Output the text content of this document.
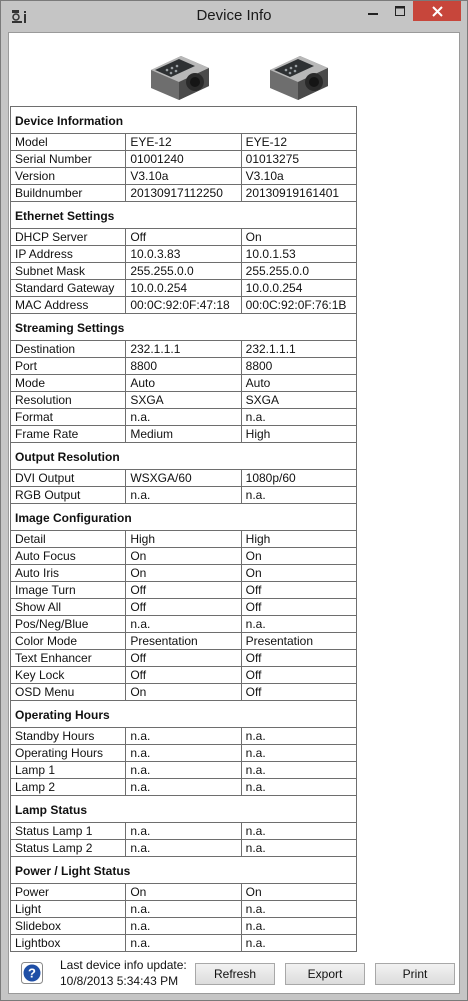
Device Info
Device Information		
Model	EYE-12	EYE-12
Serial Number	01001240	01013275
Version	V3.10a	V3.10a
Buildnumber	20130917112250	20130919161401
Ethernet Settings		
DHCP Server	Off	On
IP Address	10.0.3.83	10.0.1.53
Subnet Mask	255.255.0.0	255.255.0.0
Standard Gateway	10.0.0.254	10.0.0.254
MAC Address	00:0C:92:0F:47:18	00:0C:92:0F:76:1B
Streaming Settings		
Destination	232.1.1.1	232.1.1.1
Port	8800	8800
Mode	Auto	Auto
Resolution	SXGA	SXGA
Format	n.a.	n.a.
Frame Rate	Medium	High
Output Resolution		
DVI Output	WSXGA/60	1080p/60
RGB Output	n.a.	n.a.
Image Configuration		
Detail	High	High
Auto Focus	On	On
Auto Iris	On	On
Image Turn	Off	Off
Show All	Off	Off
Pos/Neg/Blue	n.a.	n.a.
Color Mode	Presentation	Presentation
Text Enhancer	Off	Off
Key Lock	Off	Off
OSD Menu	On	Off
Operating Hours		
Standby Hours	n.a.	n.a.
Operating Hours	n.a.	n.a.
Lamp 1	n.a.	n.a.
Lamp 2	n.a.	n.a.
Lamp Status		
Status Lamp 1	n.a.	n.a.
Status Lamp 2	n.a.	n.a.
Power / Light Status		
Power	On	On
Light	n.a.	n.a.
Slidebox	n.a.	n.a.
Lightbox	n.a.	n.a.
?
Last device info update:
10/8/2013 5:34:43 PM	Refresh	Export	Print
